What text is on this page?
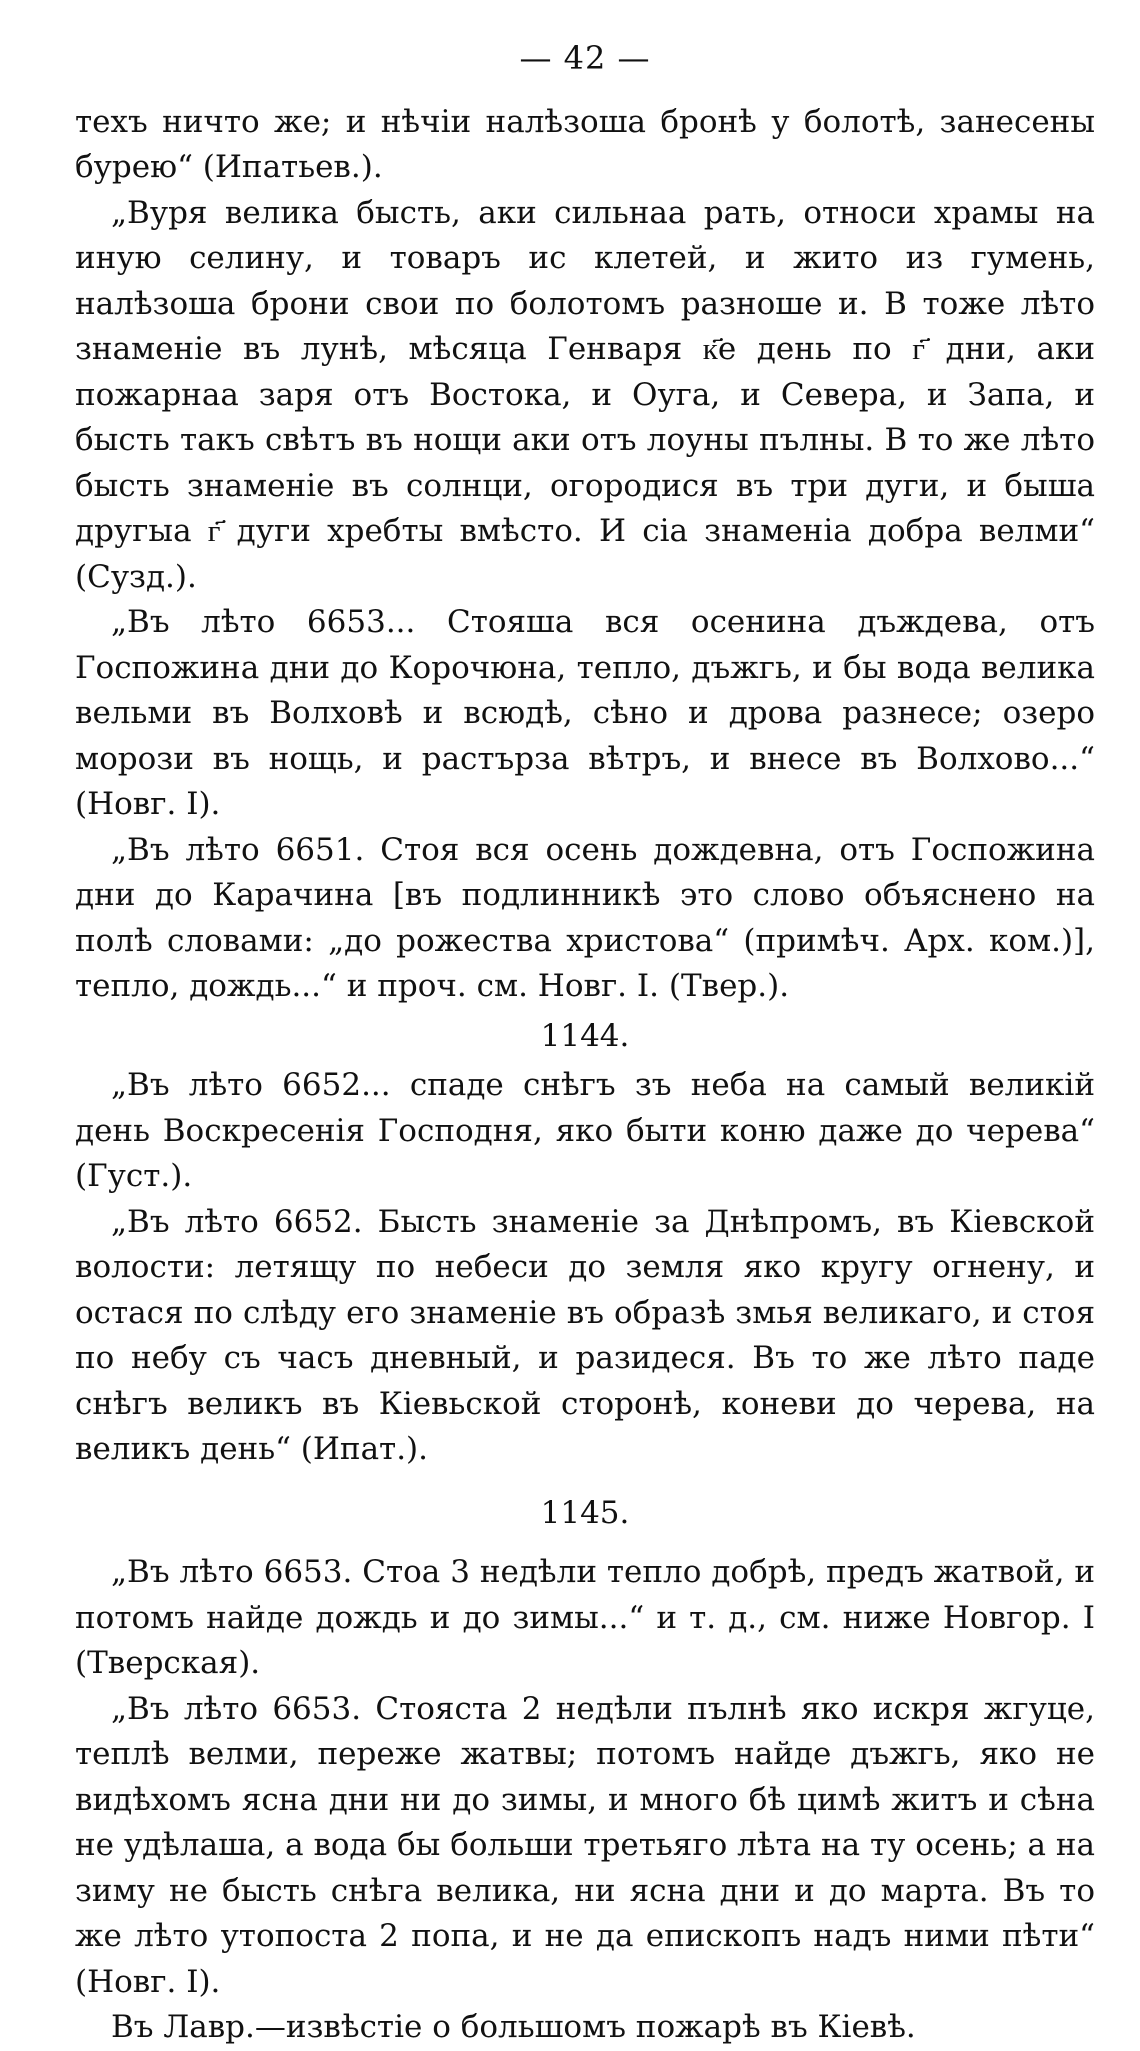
— 42 —

техъ ничто же; и нѣчіи налѣзоша бронѣ у болотѣ, занесены бурею“ (Ипатьев.).

„Вуря велика бысть, аки сильнаа рать, относи храмы на иную селину, и товаръ ис клетей, и жито из гумень, налѣзоша брони свои по болотомъ разноше и. В тоже лѣто знаменіе въ лунѣ, мѣсяца Генваря к҃е день по г҃ дни, аки пожарнаа заря отъ Востока, и Оуга, и Севера, и Запа, и бысть такъ свѣтъ въ нощи аки отъ лоуны пълны. В то же лѣто бысть знаменіе въ солнци, огородися въ три дуги, и быша другыа г҃ дуги хребты вмѣсто. И сіа знаменіа добра велми“ (Сузд.).

„Въ лѣто 6653... Стояша вся осенина дъждева, отъ Госпожина дни до Корочюна, тепло, дъжгь, и бы вода велика вельми въ Волховѣ и всюдѣ, сѣно и дрова разнесе; озеро морози въ нощь, и растърза вѣтръ, и внесе въ Волхово...“ (Новг. I).

„Въ лѣто 6651. Стоя вся осень дождевна, отъ Госпожина дни до Карачина [въ подлинникѣ это слово объяснено на полѣ словами: „до рожества христова“ (примѣч. Арх. ком.)], тепло, дождь...“ и проч. см. Новг. I. (Твер.).

1144.

„Въ лѣто 6652... спаде снѣгъ зъ неба на самый великій день Воскресенія Господня, яко быти коню даже до черева“ (Густ.).

„Въ лѣто 6652. Бысть знаменіе за Днѣпромъ, въ Кіевской волости: летящу по небеси до земля яко кругу огнену, и остася по слѣду его знаменіе въ образѣ змья великаго, и стоя по небу съ часъ дневный, и разидеся. Въ то же лѣто паде снѣгъ великъ въ Кіевьской сторонѣ, коневи до черева, на великъ день“ (Ипат.).

1145.

„Въ лѣто 6653. Стоа 3 недѣли тепло добрѣ, предъ жатвой, и потомъ найде дождь и до зимы...“ и т. д., см. ниже Новгор. I (Тверская).

„Въ лѣто 6653. Стояста 2 недѣли пълнѣ яко искря жгуце, теплѣ велми, переже жатвы; потомъ найде дъжгь, яко не видѣхомъ ясна дни ни до зимы, и много бѣ цимѣ житъ и сѣна не удѣлаша, а вода бы больши третьяго лѣта на ту осень; а на зиму не бысть снѣга велика, ни ясна дни и до марта. Въ то же лѣто утопоста 2 попа, и не да епископъ надъ ними пѣти“ (Новг. I).

Въ Лавр.—извѣстіе о большомъ пожарѣ въ Кіевѣ.
